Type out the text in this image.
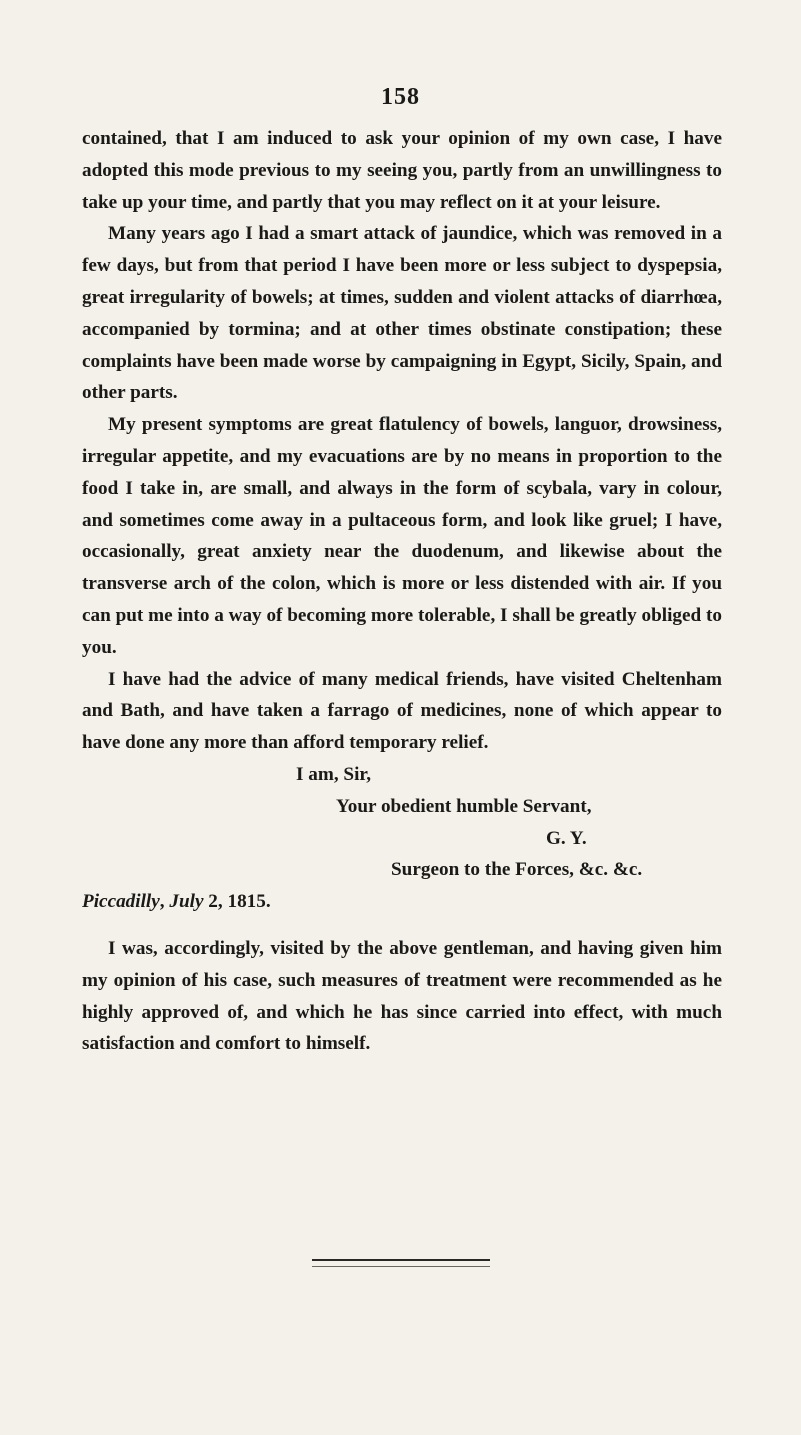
158

contained, that I am induced to ask your opinion of my own case, I have adopted this mode previous to my seeing you, partly from an unwillingness to take up your time, and partly that you may reflect on it at your leisure.

Many years ago I had a smart attack of jaundice, which was removed in a few days, but from that period I have been more or less subject to dyspepsia, great irregularity of bowels; at times, sudden and violent attacks of diarrhœa, accompanied by tormina; and at other times obstinate constipation; these complaints have been made worse by campaigning in Egypt, Sicily, Spain, and other parts.

My present symptoms are great flatulency of bowels, languor, drowsiness, irregular appetite, and my evacuations are by no means in proportion to the food I take in, are small, and always in the form of scybala, vary in colour, and sometimes come away in a pultaceous form, and look like gruel; I have, occasionally, great anxiety near the duodenum, and likewise about the transverse arch of the colon, which is more or less distended with air. If you can put me into a way of becoming more tolerable, I shall be greatly obliged to you.

I have had the advice of many medical friends, have visited Cheltenham and Bath, and have taken a farrago of medicines, none of which appear to have done any more than afford temporary relief.

I am, Sir,
Your obedient humble Servant,
G. Y.
Surgeon to the Forces, &c. &c.
Piccadilly, July 2, 1815.

I was, accordingly, visited by the above gentleman, and having given him my opinion of his case, such measures of treatment were recommended as he highly approved of, and which he has since carried into effect, with much satisfaction and comfort to himself.
